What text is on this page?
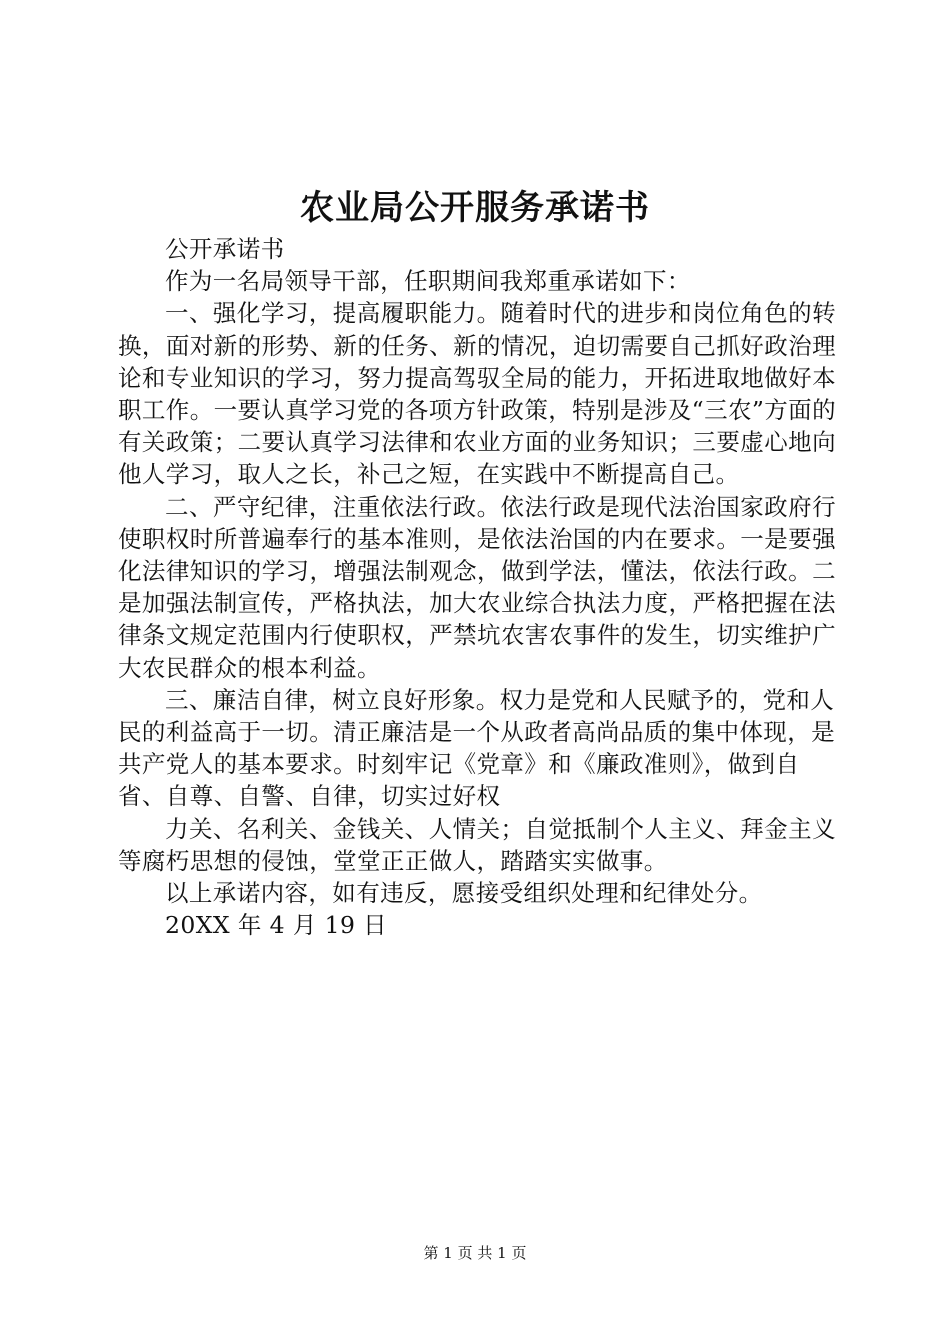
农业局公开服务承诺书

公开承诺书

作为一名局领导干部，任职期间我郑重承诺如下：

一、强化学习，提高履职能力。随着时代的进步和岗位角色的转换，面对新的形势、新的任务、新的情况，迫切需要自己抓好政治理论和专业知识的学习，努力提高驾驭全局的能力，开拓进取地做好本职工作。一要认真学习党的各项方针政策，特别是涉及“三农”方面的有关政策；二要认真学习法律和农业方面的业务知识；三要虚心地向他人学习，取人之长，补己之短，在实践中不断提高自己。

二、严守纪律，注重依法行政。依法行政是现代法治国家政府行使职权时所普遍奉行的基本准则，是依法治国的内在要求。一是要强化法律知识的学习，增强法制观念，做到学法，懂法，依法行政。二是加强法制宣传，严格执法，加大农业综合执法力度，严格把握在法律条文规定范围内行使职权，严禁坑农害农事件的发生，切实维护广大农民群众的根本利益。

三、廉洁自律，树立良好形象。权力是党和人民赋予的，党和人民的利益高于一切。清正廉洁是一个从政者高尚品质的集中体现，是共产党人的基本要求。时刻牢记《党章》和《廉政准则》，做到自省、自尊、自警、自律，切实过好权

力关、名利关、金钱关、人情关；自觉抵制个人主义、拜金主义等腐朽思想的侵蚀，堂堂正正做人，踏踏实实做事。

以上承诺内容，如有违反，愿接受组织处理和纪律处分。

20XX 年 4 月 19 日

第 1 页 共 1 页
